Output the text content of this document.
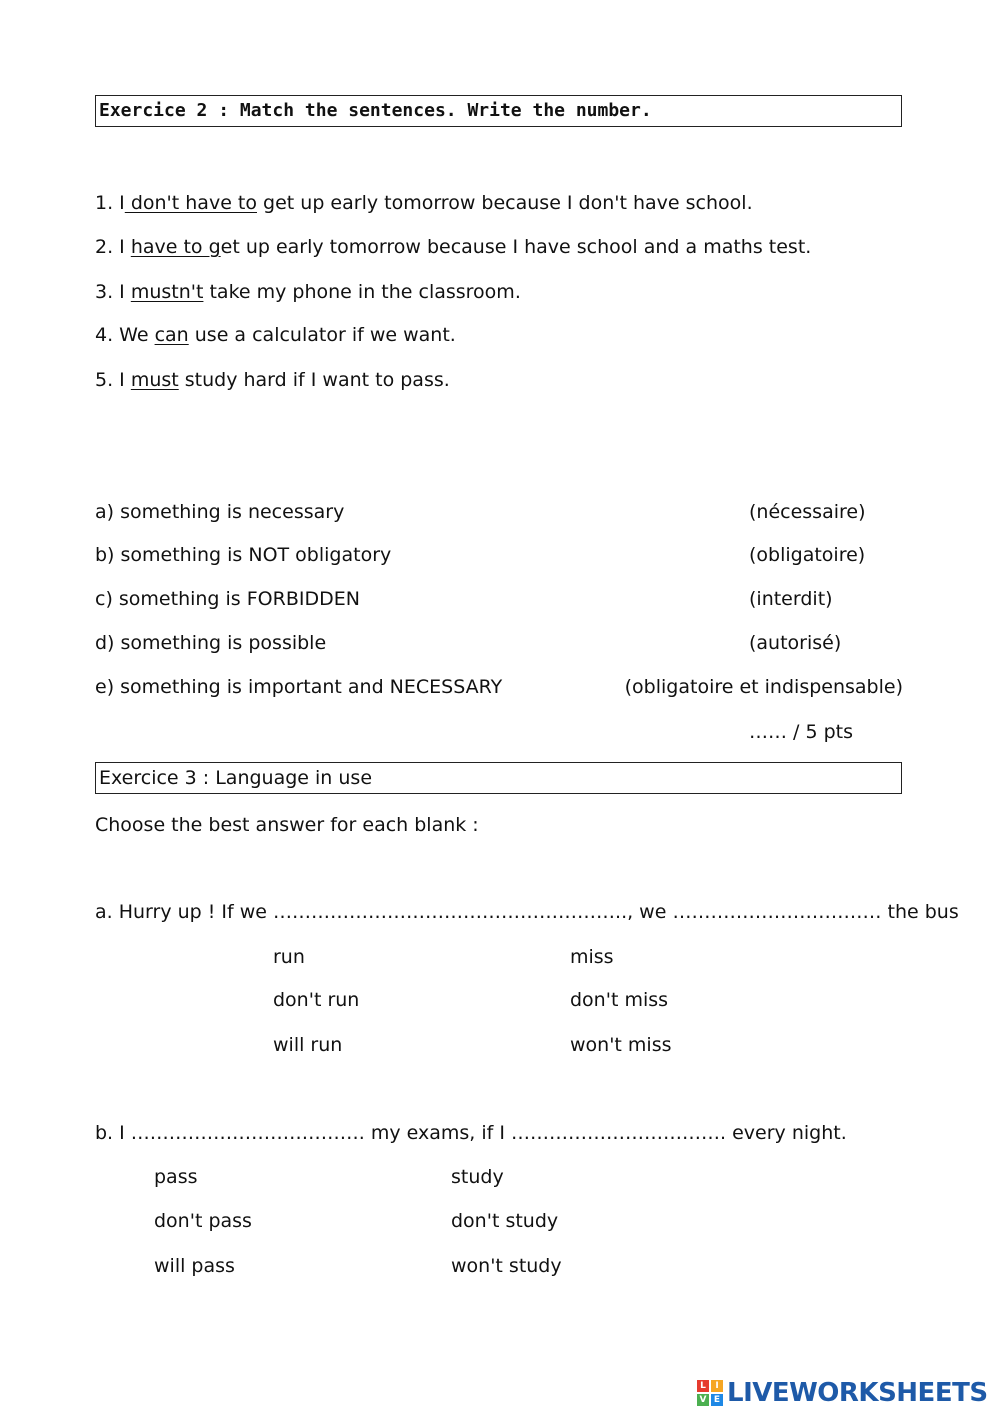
Exercice 2 : Match the sentences. Write the number.
1. I don't have to get up early tomorrow because I don't have school.
2. I have to get up early tomorrow because I have school and a maths test.
3. I mustn't take my phone in the classroom.
4. We can use a calculator if we want.
5. I must study hard if I want to pass.
a) something is necessary	(nécessaire)
b) something is NOT obligatory	(obligatoire)
c) something is FORBIDDEN	(interdit)
d) something is possible	(autorisé)
e) something is important and NECESSARY	(obligatoire et indispensable)
…… / 5 pts
Exercice 3 : Language in use
Choose the best answer for each blank :
a. Hurry up ! If we ……………………………………………….., we …………………………… the bus
run	miss
don't run	don't miss
will run	won't miss
b. I ………………………………. my exams, if I ……………………………. every night.
pass	study
don't pass	don't study
will pass	won't study
L	I
V E LIVEWORKSHEETS
